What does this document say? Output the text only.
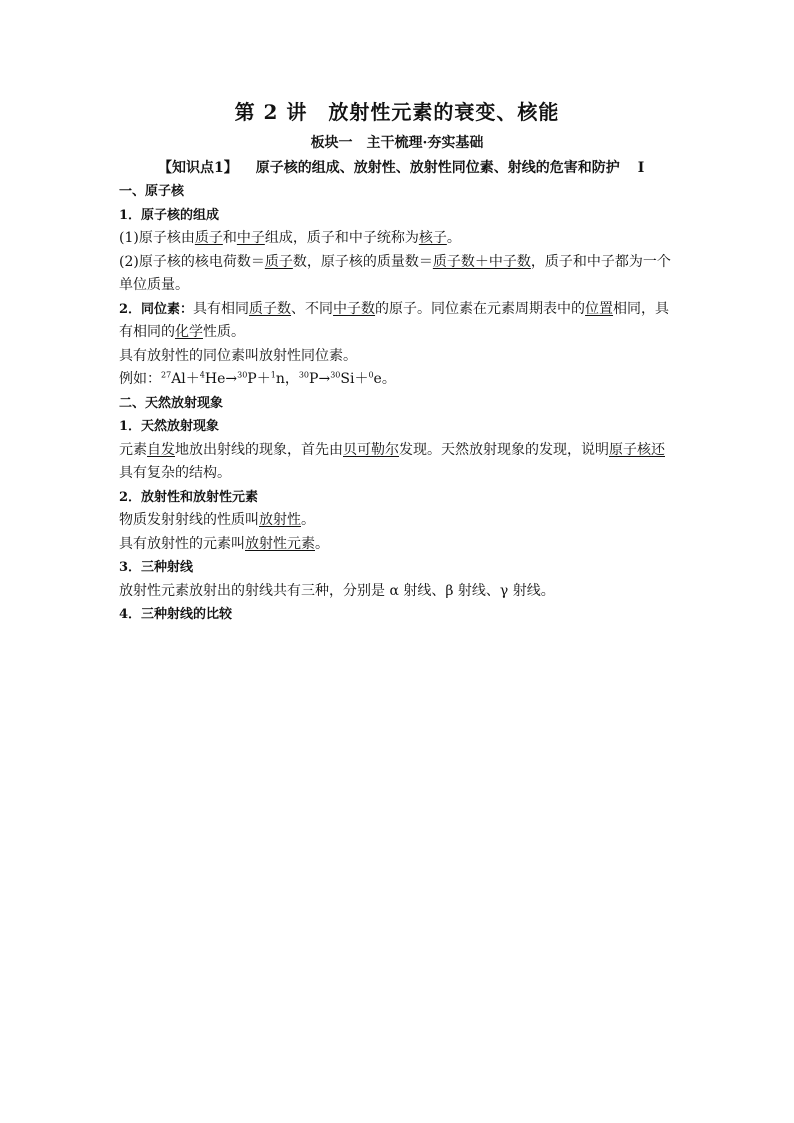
第 2 讲　放射性元素的衰变、核能
板块一　主干梳理·夯实基础
【知识点1】 原子核的组成、放射性、放射性同位素、射线的危害和防护 Ⅰ
一、原子核
1．原子核的组成
(1)原子核由质子和中子组成，质子和中子统称为核子。
(2)原子核的核电荷数＝质子数，原子核的质量数＝质子数＋中子数，质子和中子都为一个
单位质量。
2．同位素：具有相同质子数、不同中子数的原子。同位素在元素周期表中的位置相同，具
有相同的化学性质。
具有放射性的同位素叫放射性同位素。
例如：$^{27}$Al＋$^4$He→$^{30}$P＋$^1$n，$^{30}$P→$^{30}$Si＋$^0$e。
二、天然放射现象
1．天然放射现象
元素自发地放出射线的现象，首先由贝可勒尔发现。天然放射现象的发现，说明原子核还
具有复杂的结构。
2．放射性和放射性元素
物质发射射线的性质叫放射性。
具有放射性的元素叫放射性元素。
3．三种射线
放射性元素放射出的射线共有三种，分别是 α 射线、β 射线、γ 射线。
4．三种射线的比较
